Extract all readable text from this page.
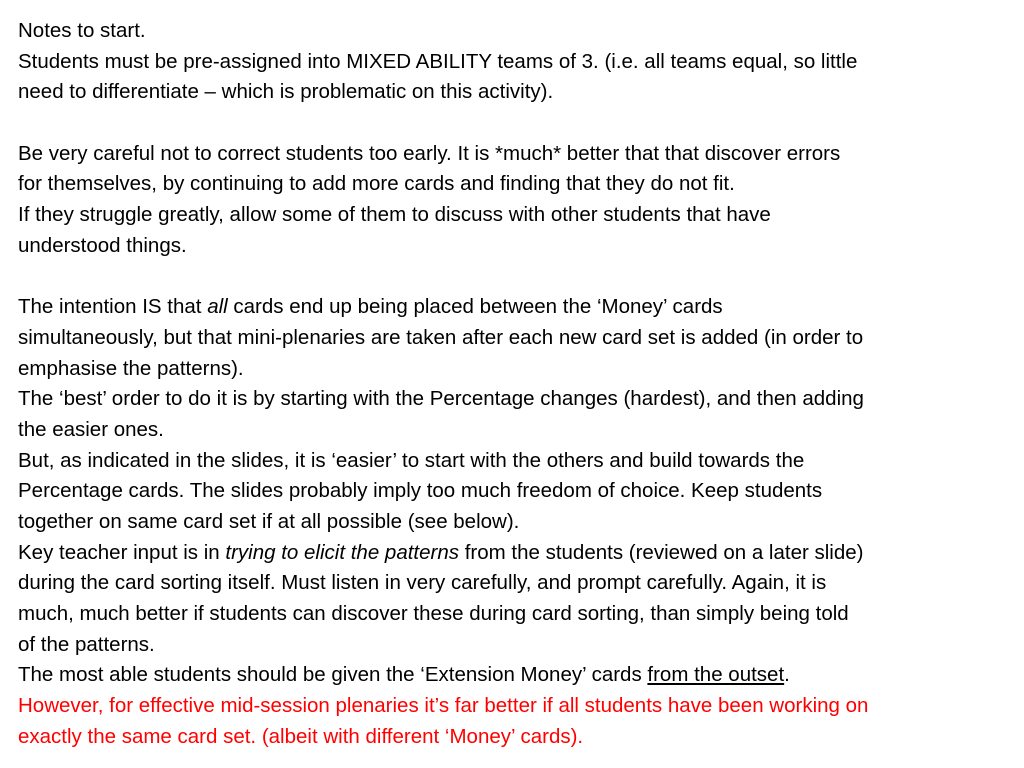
Notes to start.
Students must be pre-assigned into MIXED ABILITY teams of 3. (i.e. all teams equal, so little
need to differentiate – which is problematic on this activity).
Be very careful not to correct students too early. It is *much* better that that discover errors
for themselves, by continuing to add more cards and finding that they do not fit.
If they struggle greatly, allow some of them to discuss with other students that have
understood things.
The intention IS that all cards end up being placed between the ‘Money’ cards
simultaneously, but that mini-plenaries are taken after each new card set is added (in order to
emphasise the patterns).
The ‘best’ order to do it is by starting with the Percentage changes (hardest), and then adding
the easier ones.
But, as indicated in the slides, it is ‘easier’ to start with the others and build towards the
Percentage cards. The slides probably imply too much freedom of choice. Keep students
together on same card set if at all possible (see below).
Key teacher input is in trying to elicit the patterns from the students (reviewed on a later slide)
during the card sorting itself. Must listen in very carefully, and prompt carefully. Again, it is
much, much better if students can discover these during card sorting, than simply being told
of the patterns.
The most able students should be given the ‘Extension Money’ cards from the outset.
However, for effective mid-session plenaries it’s far better if all students have been working on
exactly the same card set. (albeit with different ‘Money’ cards).
